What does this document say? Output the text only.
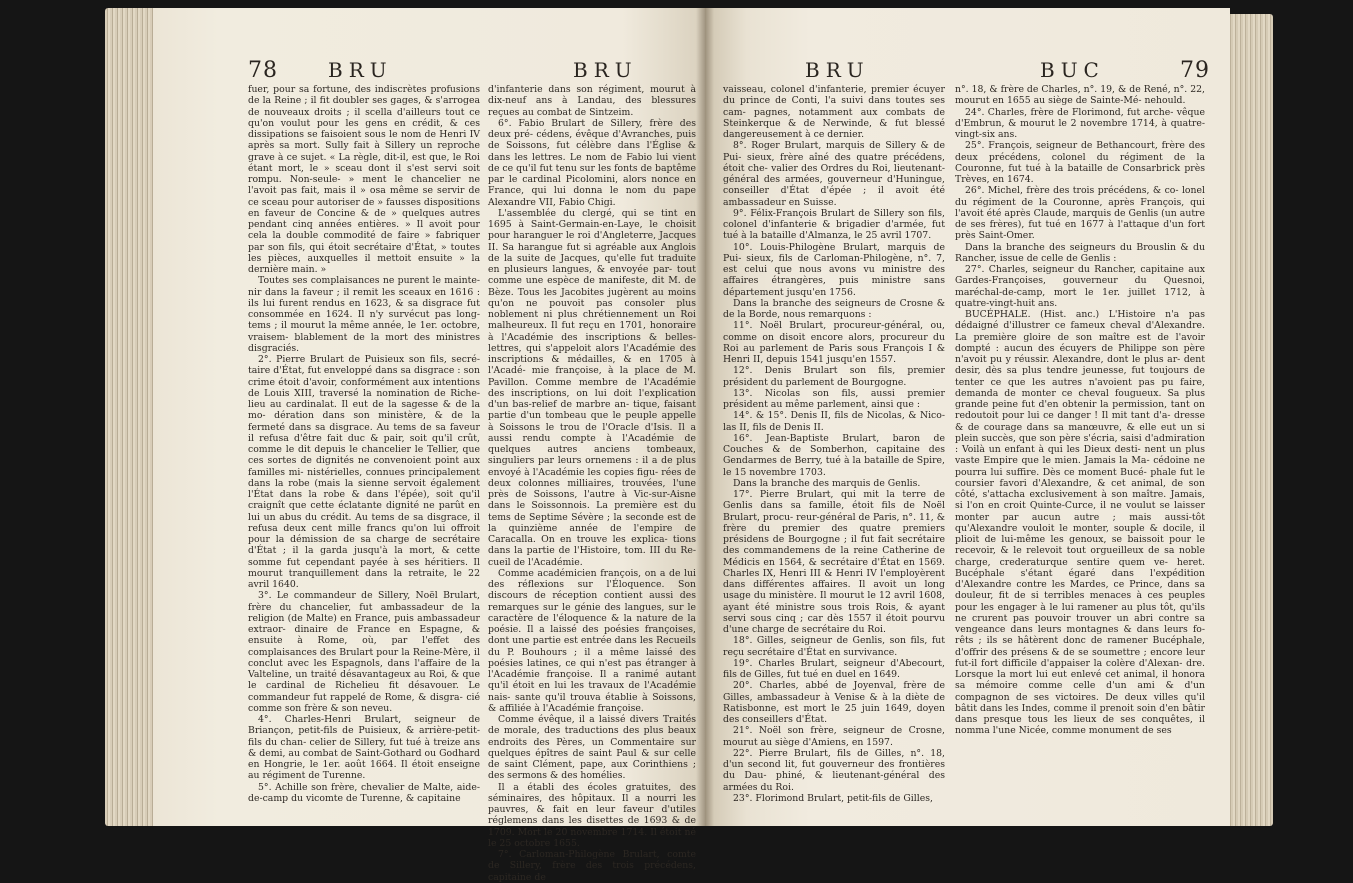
78	BRU	BRU

fuer, pour sa fortune, des indiscrètes profusions de la Reine ; il fit doubler ses gages, & s'arrogea de nouveaux droits ; il scella d'ailleurs tout ce qu'on voulut pour les gens en crédit, & ces dissipations se faisoient sous le nom de Henri IV après sa mort. Sully fait à Sillery un reproche grave à ce sujet. « La règle, dit-il, est que, le Roi étant mort, le » sceau dont il s'est servi soit rompu. Non-seule- » ment le chancelier ne l'avoit pas fait, mais il » osa même se servir de ce sceau pour autoriser de » fausses dispositions en faveur de Concine & de » quelques autres pendant cinq années entières. » Il avoit pour cela la double commodité de faire » fabriquer par son fils, qui étoit secrétaire d'État, » toutes les pièces, auxquelles il mettoit ensuite » la dernière main. »

Toutes ses complaisances ne purent le mainte- nir dans la faveur ; il remit les sceaux en 1616 : ils lui furent rendus en 1623, & sa disgrace fut consommée en 1624. Il n'y survécut pas long-tems ; il mourut la même année, le 1er. octobre, vraisem- blablement de la mort des ministres disgraciés.

2°. Pierre Brulart de Puisieux son fils, secré- taire d'État, fut enveloppé dans sa disgrace : son crime étoit d'avoir, conformément aux intentions de Louis XIII, traversé la nomination de Riche- lieu au cardinalat. Il eut de la sagesse & de la mo- dération dans son ministère, & de la fermeté dans sa disgrace. Au tems de sa faveur il refusa d'être fait duc & pair, soit qu'il crût, comme le dit depuis le chancelier le Tellier, que ces sortes de dignités ne convenoient point aux familles mi- nistérielles, connues principalement dans la robe (mais la sienne servoit également l'État dans la robe & dans l'épée), soit qu'il craignît que cette éclatante dignité ne parût en lui un abus du crédit. Au tems de sa disgrace, il refusa deux cent mille francs qu'on lui offroit pour la démission de sa charge de secrétaire d'État ; il la garda jusqu'à la mort, & cette somme fut cependant payée à ses héritiers. Il mourut tranquillement dans la retraite, le 22 avril 1640.

3°. Le commandeur de Sillery, Noël Brulart, frère du chancelier, fut ambassadeur de la religion (de Malte) en France, puis ambassadeur extraor- dinaire de France en Espagne, & ensuite à Rome, où, par l'effet des complaisances des Brulart pour la Reine-Mère, il conclut avec les Espagnols, dans l'affaire de la Valteline, un traité désavantageux au Roi, & que le cardinal de Richelieu fit désavouer. Le commandeur fut rappelé de Rome, & disgra- cié comme son frère & son neveu.

4°. Charles-Henri Brulart, seigneur de Briançon, petit-fils de Puisieux, & arrière-petit-fils du chan- celier de Sillery, fut tué à treize ans & demi, au combat de Saint-Gothard ou Godhard en Hongrie, le 1er. août 1664. Il étoit enseigne au régiment de Turenne.

5°. Achille son frère, chevalier de Malte, aide-de-camp du vicomte de Turenne, & capitaine

d'infanterie dans son régiment, mourut à dix-neuf ans à Landau, des blessures reçues au combat de Sintzeim.

6°. Fabio Brulart de Sillery, frère des deux pré- cédens, évêque d'Avranches, puis de Soissons, fut célèbre dans l'Église & dans les lettres. Le nom de Fabio lui vient de ce qu'il fut tenu sur les fonts de baptême par le cardinal Picolomini, alors nonce en France, qui lui donna le nom du pape Alexandre VII, Fabio Chigi.

L'assemblée du clergé, qui se tint en 1695 à Saint-Germain-en-Laye, le choisit pour haranguer le roi d'Angleterre, Jacques II. Sa harangue fut si agréable aux Anglois de la suite de Jacques, qu'elle fut traduite en plusieurs langues, & envoyée par- tout comme une espèce de manifeste, dit M. de Bèze. Tous les Jacobites jugèrent au moins qu'on ne pouvoit pas consoler plus noblement ni plus chrétiennement un Roi malheureux. Il fut reçu en 1701, honoraire à l'Académie des inscriptions & belles-lettres, qui s'appeloit alors l'Académie des inscriptions & médailles, & en 1705 à l'Acadé- mie françoise, à la place de M. Pavillon. Comme membre de l'Académie des inscriptions, on lui doit l'explication d'un bas-relief de marbre an- tique, faisant partie d'un tombeau que le peuple appelle à Soissons le trou de l'Oracle d'Isis. Il a aussi rendu compte à l'Académie de quelques autres anciens tombeaux, singuliers par leurs ornemens : il a de plus envoyé à l'Académie les copies figu- rées de deux colonnes milliaires, trouvées, l'une près de Soissons, l'autre à Vic-sur-Aisne dans le Soissonnois. La première est du tems de Septime Sévère ; la seconde est de la quinzième année de l'empire de Caracalla. On en trouve les explica- tions dans la partie de l'Histoire, tom. III du Re- cueil de l'Académie.

Comme académicien françois, on a de lui des réflexions sur l'Éloquence. Son discours de réception contient aussi des remarques sur le génie des langues, sur le caractère de l'éloquence & la nature de la poésie. Il a laissé des poésies françoises, dont une partie est entrée dans les Recueils du P. Bouhours ; il a même laissé des poésies latines, ce qui n'est pas étranger à l'Académie françoise. Il a ranimé autant qu'il étoit en lui les travaux de l'Académie nais- sante qu'il trouva établie à Soissons, & affiliée à l'Académie françoise.

Comme évêque, il a laissé divers Traités de morale, des traductions des plus beaux endroits des Pères, un Commentaire sur quelques épîtres de saint Paul & sur celle de saint Clément, pape, aux Corinthiens ; des sermons & des homélies.

Il a établi des écoles gratuites, des séminaires, des hôpitaux. Il a nourri les pauvres, & fait en leur faveur d'utiles réglemens dans les disettes de 1693 & de 1709. Mort le 20 novembre 1714. Il étoit né le 25 octobre 1655.

7°. Carloman-Philogène Brulart, comte de Sillery, frère des trois précédens, capitaine de

BRU	BUC	79

vaisseau, colonel d'infanterie, premier écuyer du prince de Conti, l'a suivi dans toutes ses cam- pagnes, notamment aux combats de Steinkerque & de Nerwinde, & fut blessé dangereusement à ce dernier.

8°. Roger Brulart, marquis de Sillery & de Pui- sieux, frère aîné des quatre précédens, étoit che- valier des Ordres du Roi, lieutenant-général des armées, gouverneur d'Huningue, conseiller d'État d'épée ; il avoit été ambassadeur en Suisse.

9°. Félix-François Brulart de Sillery son fils, colonel d'infanterie & brigadier d'armée, fut tué à la bataille d'Almanza, le 25 avril 1707.

10°. Louis-Philogène Brulart, marquis de Pui- sieux, fils de Carloman-Philogène, n°. 7, est celui que nous avons vu ministre des affaires étrangères, puis ministre sans département jusqu'en 1756.

Dans la branche des seigneurs de Crosne & de la Borde, nous remarquons :

11°. Noël Brulart, procureur-général, ou, comme on disoit encore alors, procureur du Roi au parlement de Paris sous François I & Henri II, depuis 1541 jusqu'en 1557.

12°. Denis Brulart son fils, premier président du parlement de Bourgogne.

13°. Nicolas son fils, aussi premier président au même parlement, ainsi que :

14°. & 15°. Denis II, fils de Nicolas, & Nico- las II, fils de Denis II.

16°. Jean-Baptiste Brulart, baron de Couches & de Somberhon, capitaine des Gendarmes de Berry, tué à la bataille de Spire, le 15 novembre 1703.

Dans la branche des marquis de Genlis.

17°. Pierre Brulart, qui mit la terre de Genlis dans sa famille, étoit fils de Noël Brulart, procu- reur-général de Paris, n°. 11, & frère du premier des quatre premiers présidens de Bourgogne ; il fut fait secrétaire des commandemens de la reine Catherine de Médicis en 1564, & secrétaire d'État en 1569. Charles IX, Henri III & Henri IV l'employèrent dans différentes affaires. Il avoit un long usage du ministère. Il mourut le 12 avril 1608, ayant été ministre sous trois Rois, & ayant servi sous cinq ; car dès 1557 il étoit pourvu d'une charge de secrétaire du Roi.

18°. Gilles, seigneur de Genlis, son fils, fut reçu secrétaire d'État en survivance.

19°. Charles Brulart, seigneur d'Abecourt, fils de Gilles, fut tué en duel en 1649.

20°. Charles, abbé de Joyenval, frère de Gilles, ambassadeur à Venise & à la diète de Ratisbonne, est mort le 25 juin 1649, doyen des conseillers d'État.

21°. Noël son frère, seigneur de Crosne, mourut au siège d'Amiens, en 1597.

22°. Pierre Brulart, fils de Gilles, n°. 18, d'un second lit, fut gouverneur des frontières du Dau- phiné, & lieutenant-général des armées du Roi.

23°. Florimond Brulart, petit-fils de Gilles,

n°. 18, & frère de Charles, n°. 19, & de René, n°. 22, mourut en 1655 au siège de Sainte-Mé- nehould.

24°. Charles, frère de Florimond, fut arche- vêque d'Embrun, & mourut le 2 novembre 1714, à quatre-vingt-six ans.

25°. François, seigneur de Bethancourt, frère des deux précédens, colonel du régiment de la Couronne, fut tué à la bataille de Consarbrick près Trèves, en 1674.

26°. Michel, frère des trois précédens, & co- lonel du régiment de la Couronne, après François, qui l'avoit été après Claude, marquis de Genlis (un autre de ses frères), fut tué en 1677 à l'attaque d'un fort près Saint-Omer.

Dans la branche des seigneurs du Brouslin & du Rancher, issue de celle de Genlis :

27°. Charles, seigneur du Rancher, capitaine aux Gardes-Françoises, gouverneur du Quesnoi, maréchal-de-camp, mort le 1er. juillet 1712, à quatre-vingt-huit ans.

BUCÉPHALE. (Hist. anc.) L'Histoire n'a pas dédaigné d'illustrer ce fameux cheval d'Alexandre. La première gloire de son maître est de l'avoir dompté : aucun des écuyers de Philippe son père n'avoit pu y réussir. Alexandre, dont le plus ar- dent desir, dès sa plus tendre jeunesse, fut toujours de tenter ce que les autres n'avoient pas pu faire, demanda de monter ce cheval fougueux. Sa plus grande peine fut d'en obtenir la permission, tant on redoutoit pour lui ce danger ! Il mit tant d'a- dresse & de courage dans sa manœuvre, & elle eut un si plein succès, que son père s'écria, saisi d'admiration : Voilà un enfant à qui les Dieux desti- nent un plus vaste Empire que le mien. Jamais la Ma- cédoine ne pourra lui suffire. Dès ce moment Bucé- phale fut le coursier favori d'Alexandre, & cet animal, de son côté, s'attacha exclusivement à son maître. Jamais, si l'on en croit Quinte-Curce, il ne voulut se laisser monter par aucun autre ; mais aussi-tôt qu'Alexandre vouloit le monter, souple & docile, il plioit de lui-même les genoux, se baissoit pour le recevoir, & le relevoit tout orgueilleux de sa noble charge, crederaturque sentire quem ve- heret. Bucéphale s'étant égaré dans l'expédition d'Alexandre contre les Mardes, ce Prince, dans sa douleur, fit de si terribles menaces à ces peuples pour les engager à le lui ramener au plus tôt, qu'ils ne crurent pas pouvoir trouver un abri contre sa vengeance dans leurs montagnes & dans leurs fo- rêts ; ils se hâtèrent donc de ramener Bucéphale, d'offrir des présens & de se soumettre ; encore leur fut-il fort difficile d'appaiser la colère d'Alexan- dre. Lorsque la mort lui eut enlevé cet animal, il honora sa mémoire comme celle d'un ami & d'un compagnon de ses victoires. De deux villes qu'il bâtit dans les Indes, comme il prenoit soin d'en bâtir dans presque tous les lieux de ses conquêtes, il nomma l'une Nicée, comme monument de ses
